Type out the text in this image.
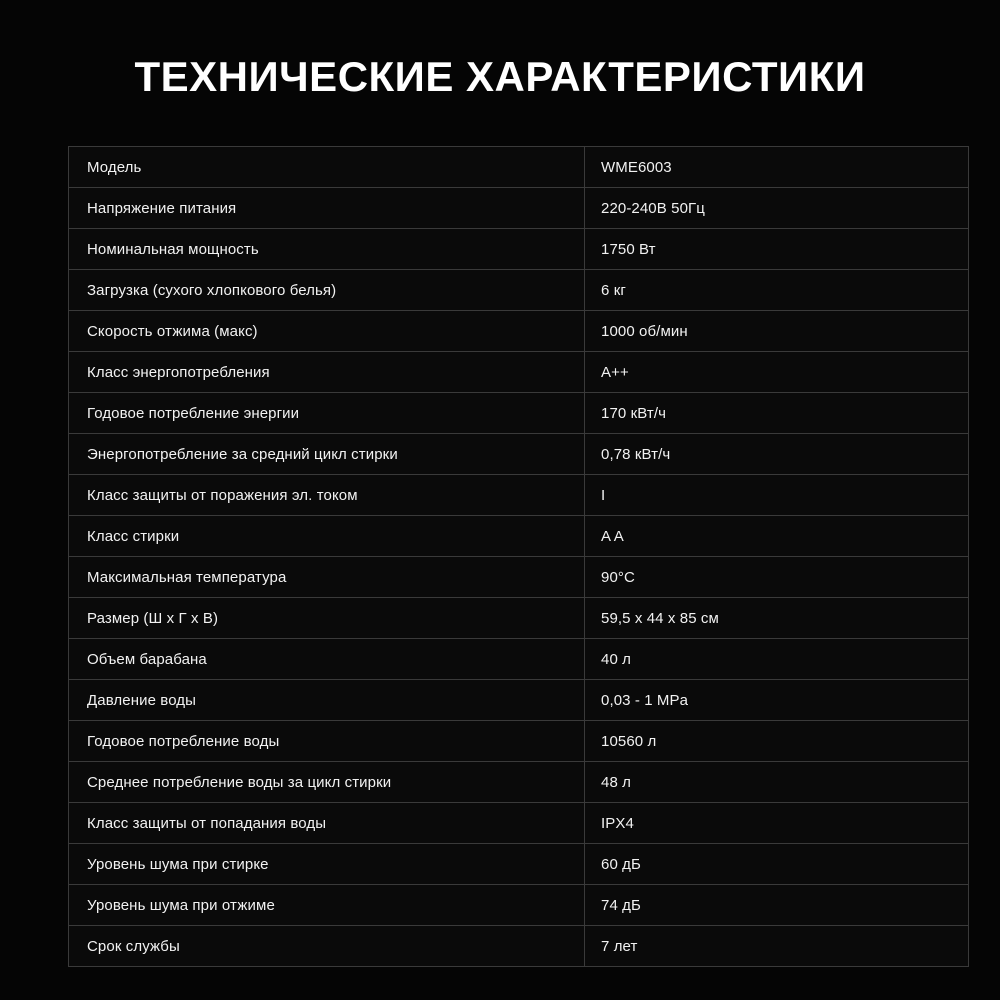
ТЕХНИЧЕСКИЕ ХАРАКТЕРИСТИКИ
Модель	WME6003
Напряжение питания	220-240В 50Гц
Номинальная мощность	1750 Вт
Загрузка (сухого хлопкового белья)	6 кг
Скорость отжима (макс)	1000 об/мин
Класс энергопотребления	A++
Годовое потребление энергии	170 кВт/ч
Энергопотребление за средний цикл стирки	0,78 кВт/ч
Класс защиты от поражения эл. током	I
Класс стирки	A A
Максимальная температура	90°C
Размер (Ш x Г x В)	59,5 x 44 x 85 см
Объем барабана	40 л
Давление воды	0,03 - 1 MPa
Годовое потребление воды	10560 л
Среднее потребление воды за цикл стирки	48 л
Класс защиты от попадания воды	IPX4
Уровень шума при стирке	60 дБ
Уровень шума при отжиме	74 дБ
Срок службы	7 лет
